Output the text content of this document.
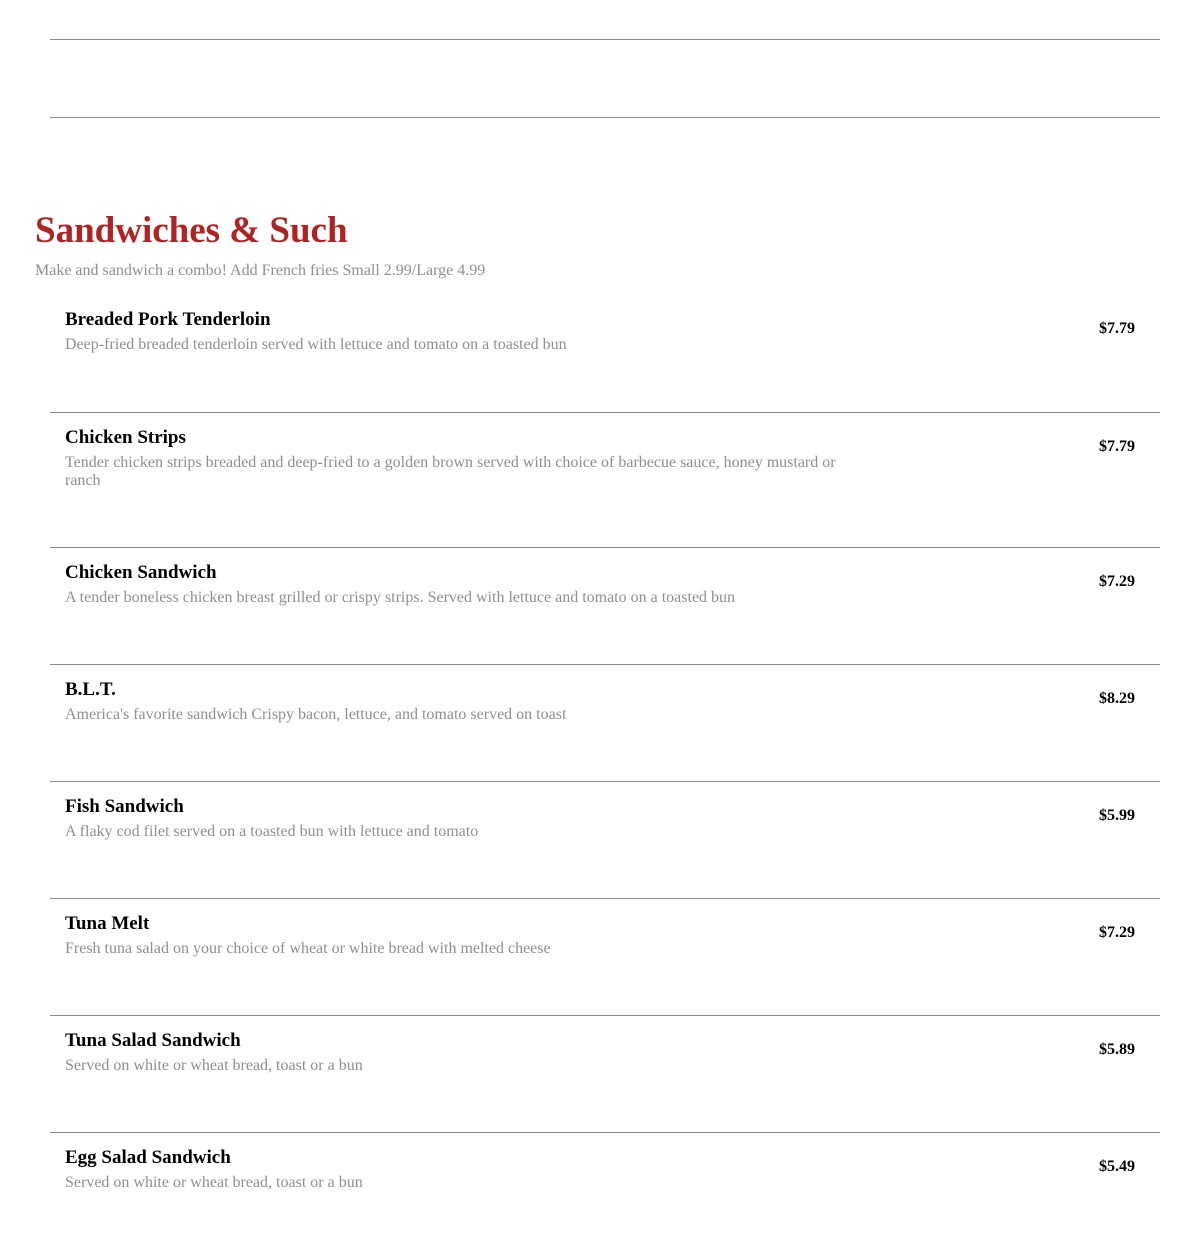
Sandwiches & Such

Make and sandwich a combo! Add French fries Small 2.99/Large 4.99

Breaded Pork Tenderloin
Deep-fried breaded tenderloin served with lettuce and tomato on a toasted bun
$7.79
Chicken Strips
Tender chicken strips breaded and deep-fried to a golden brown served with choice of barbecue sauce, honey mustard or ranch
$7.79
Chicken Sandwich
A tender boneless chicken breast grilled or crispy strips. Served with lettuce and tomato on a toasted bun
$7.29
B.L.T.
America's favorite sandwich Crispy bacon, lettuce, and tomato served on toast
$8.29
Fish Sandwich
A flaky cod filet served on a toasted bun with lettuce and tomato
$5.99
Tuna Melt
Fresh tuna salad on your choice of wheat or white bread with melted cheese
$7.29
Tuna Salad Sandwich
Served on white or wheat bread, toast or a bun
$5.89
Egg Salad Sandwich
Served on white or wheat bread, toast or a bun
$5.49
